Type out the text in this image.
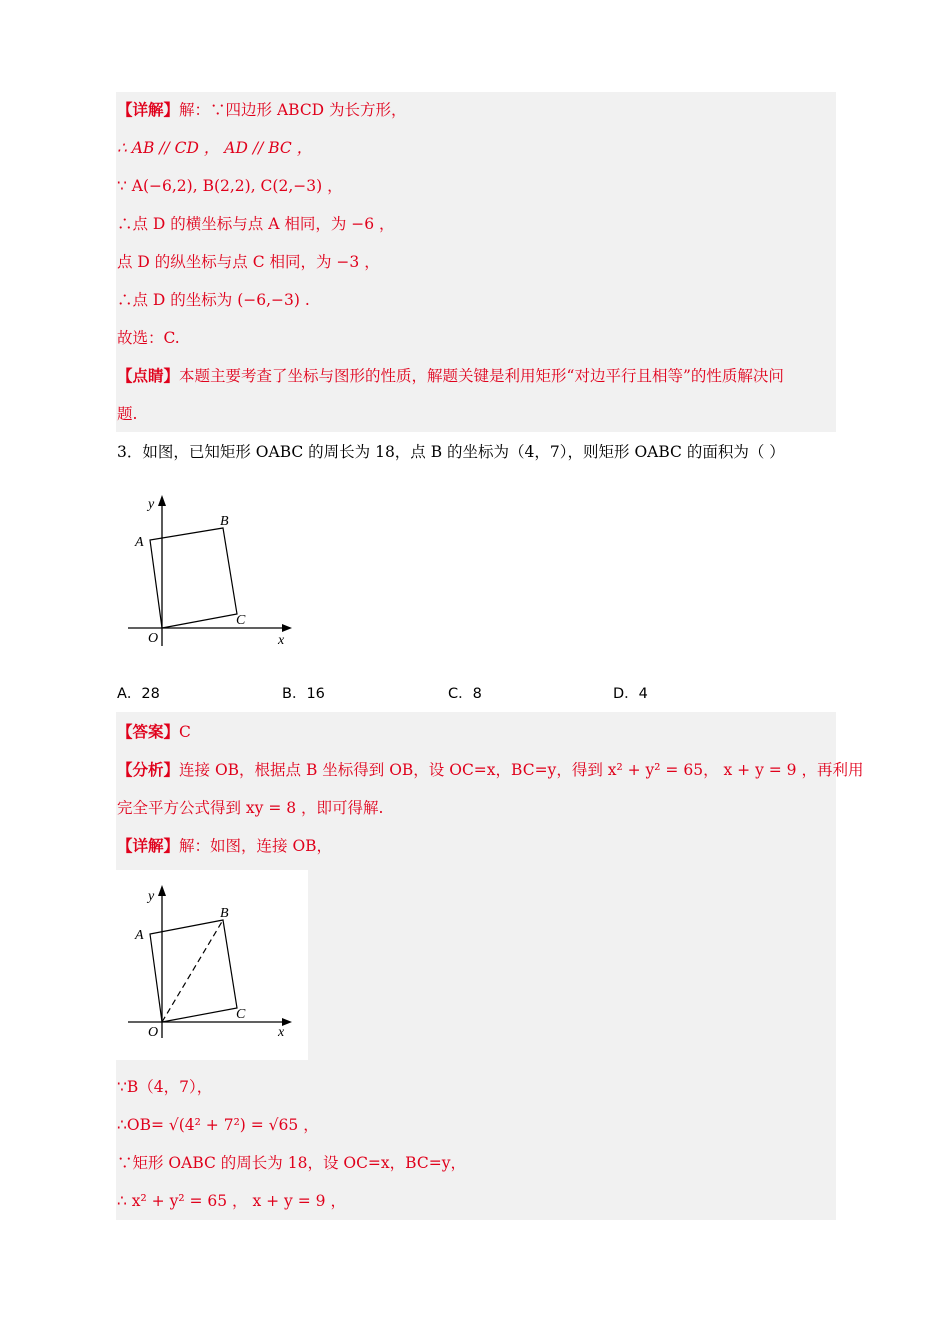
【详解】解：∵四边形 ABCD 为长方形，
∴ AB // CD ， AD // BC ，
∵ A(−6,2), B(2,2), C(2,−3) ，
∴点 D 的横坐标与点 A 相同，为 −6 ，
点 D 的纵坐标与点 C 相同，为 −3 ，
∴点 D 的坐标为 (−6,−3) .
故选：C.
【点睛】本题主要考查了坐标与图形的性质，解题关键是利用矩形“对边平行且相等”的性质解决问
题.
3．如图，已知矩形 OABC 的周长为 18，点 B 的坐标为（4，7），则矩形 OABC 的面积为（ ）
y
A
B
C
O	x
A．28	B．16	C．8	D．4
【答案】C
【分析】连接 OB，根据点 B 坐标得到 OB，设 OC=x，BC=y，得到 x² + y² = 65， x + y = 9 ，再利用
完全平方公式得到 xy = 8 ，即可得解.
【详解】解：如图，连接 OB，
y
A
B
C
O	x
∵B（4，7），
∴OB= √(4² + 7²) = √65 ，
∵矩形 OABC 的周长为 18，设 OC=x，BC=y，
∴ x² + y² = 65 ， x + y = 9 ，
